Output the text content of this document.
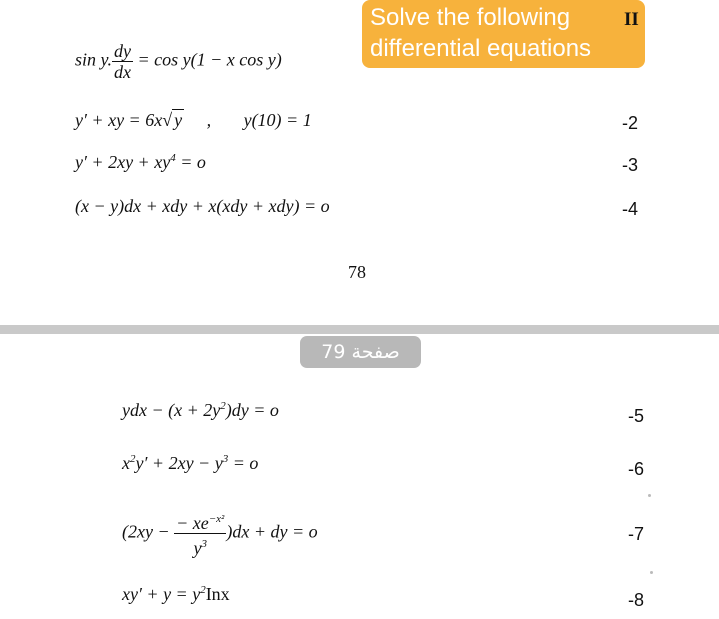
Solve the following
differential equations
II
sin y. $\frac{dy}{dx} = \cos y(1 - x$ cos y)
y′ + xy = 6x√ y , y(10) = 1	-2
$y' + 2xy + xy^4 = o$	-3
(x − y)dx + xdy + x(xdy + xdy) = o	-4
78
صفحة 79
ydx − $(x + 2y^2)dy = o$	-5
$x^2y' + 2xy - y^3 = o$	-6
$(2xy - \frac{- xe^{-x^2}}{y^3} )dx$ + dy = o	-7
$xy' + y = y^2Inx$	-8
